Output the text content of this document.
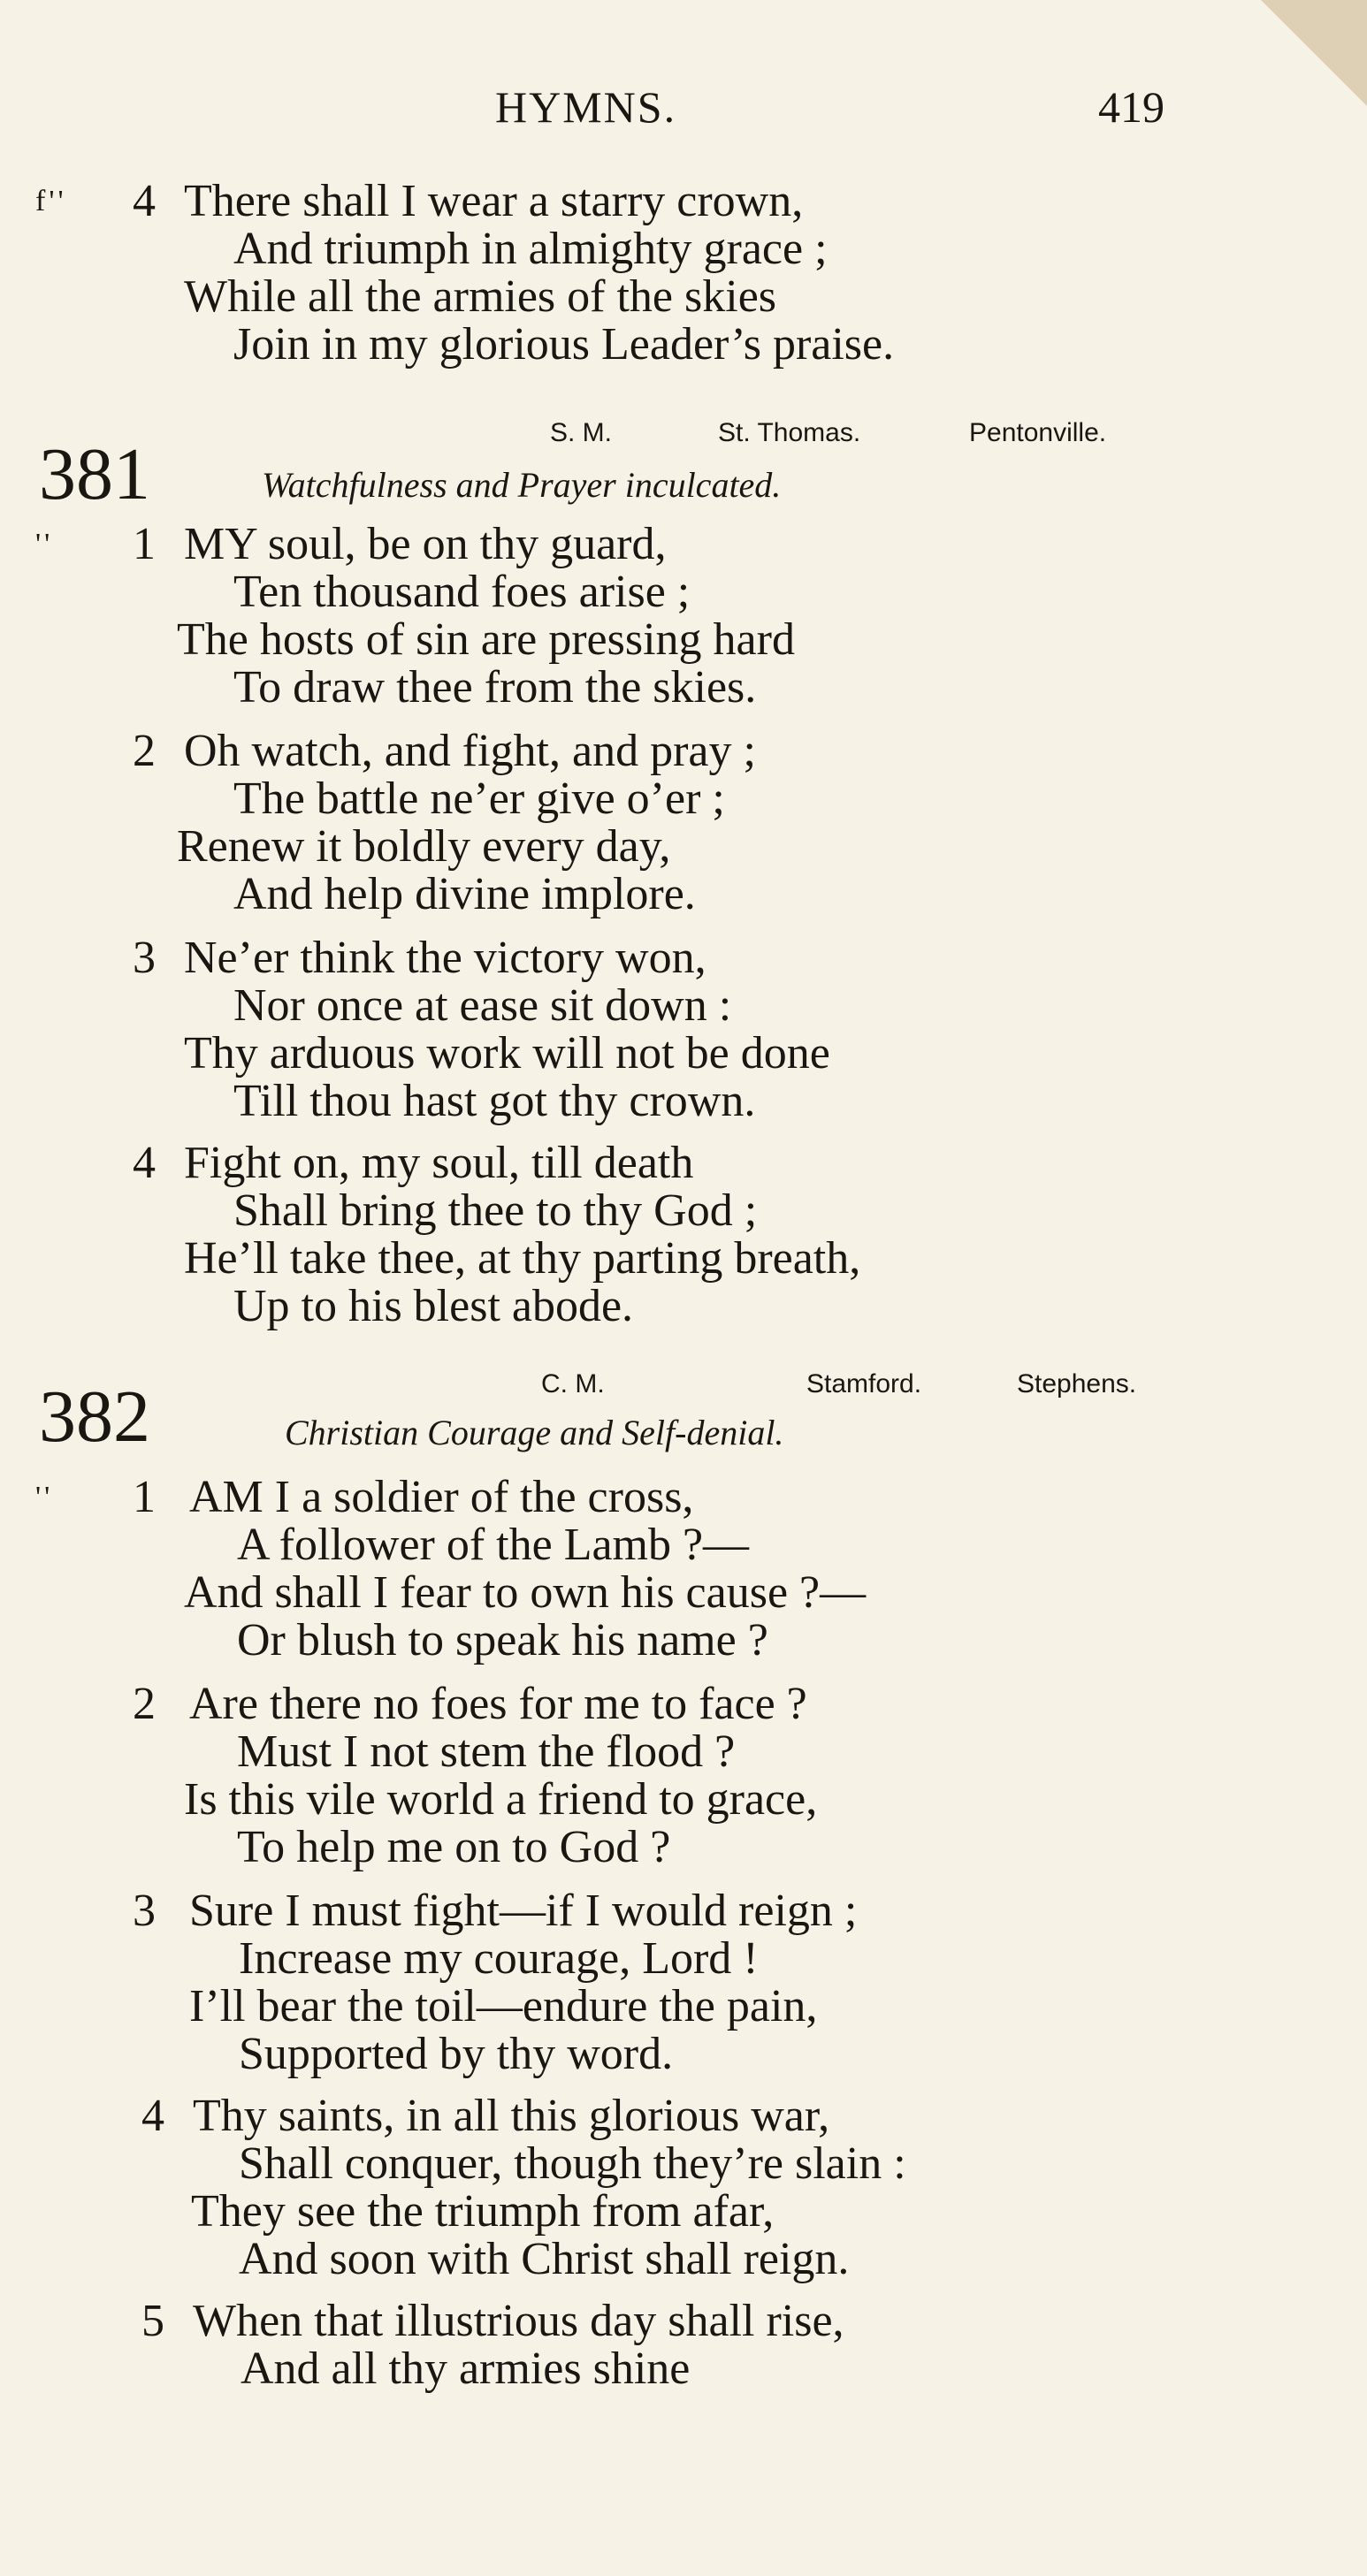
HYMNS.	419
f'' 4 There shall I wear a starry crown,
And triumph in almighty grace ;
While all the armies of the skies
Join in my glorious Leader’s praise.
S. M.	St. Thomas.	Pentonville.
381	Watchfulness and Prayer inculcated.
'' 1 MY soul, be on thy guard,
Ten thousand foes arise ;
The hosts of sin are pressing hard
To draw thee from the skies.
2 Oh watch, and fight, and pray ;
The battle ne’er give o’er ;
Renew it boldly every day,
And help divine implore.
3 Ne’er think the victory won,
Nor once at ease sit down :
Thy arduous work will not be done
Till thou hast got thy crown.
4 Fight on, my soul, till death
Shall bring thee to thy God ;
He’ll take thee, at thy parting breath,
Up to his blest abode.
C. M.	Stamford.	Stephens.
382	Christian Courage and Self-denial.
'' 1 AM I a soldier of the cross,
A follower of the Lamb ?—
And shall I fear to own his cause ?—
Or blush to speak his name ?
2 Are there no foes for me to face ?
Must I not stem the flood ?
Is this vile world a friend to grace,
To help me on to God ?
3 Sure I must fight—if I would reign ;
Increase my courage, Lord !
I’ll bear the toil—endure the pain,
Supported by thy word.
4 Thy saints, in all this glorious war,
Shall conquer, though they’re slain :
They see the triumph from afar,
And soon with Christ shall reign.
5 When that illustrious day shall rise,
And all thy armies shine
